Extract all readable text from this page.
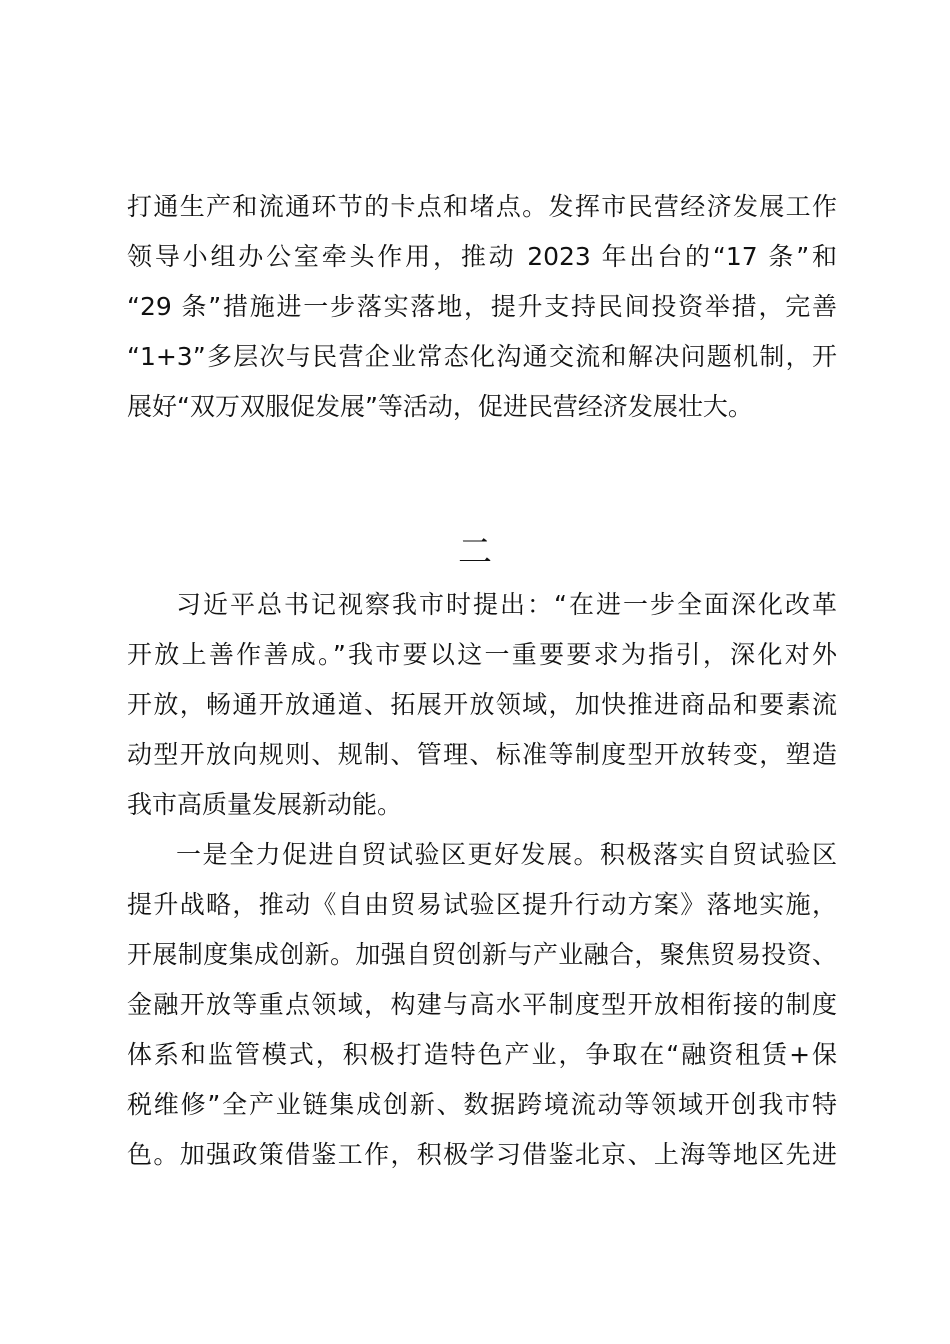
打通生产和流通环节的卡点和堵点。发挥市民营经济发展工作
领导小组办公室牵头作用，推动 2023 年出台的“17 条”和
“29 条”措施进一步落实落地，提升支持民间投资举措，完善
“1+3”多层次与民营企业常态化沟通交流和解决问题机制，开
展好“双万双服促发展”等活动，促进民营经济发展壮大。
二
习近平总书记视察我市时提出：“在进一步全面深化改革
开放上善作善成。”我市要以这一重要要求为指引，深化对外
开放，畅通开放通道、拓展开放领域，加快推进商品和要素流
动型开放向规则、规制、管理、标准等制度型开放转变，塑造
我市高质量发展新动能。
一是全力促进自贸试验区更好发展。积极落实自贸试验区
提升战略，推动《自由贸易试验区提升行动方案》落地实施，
开展制度集成创新。加强自贸创新与产业融合，聚焦贸易投资、
金融开放等重点领域，构建与高水平制度型开放相衔接的制度
体系和监管模式，积极打造特色产业，争取在“融资租赁+保
税维修”全产业链集成创新、数据跨境流动等领域开创我市特
色。加强政策借鉴工作，积极学习借鉴北京、上海等地区先进
